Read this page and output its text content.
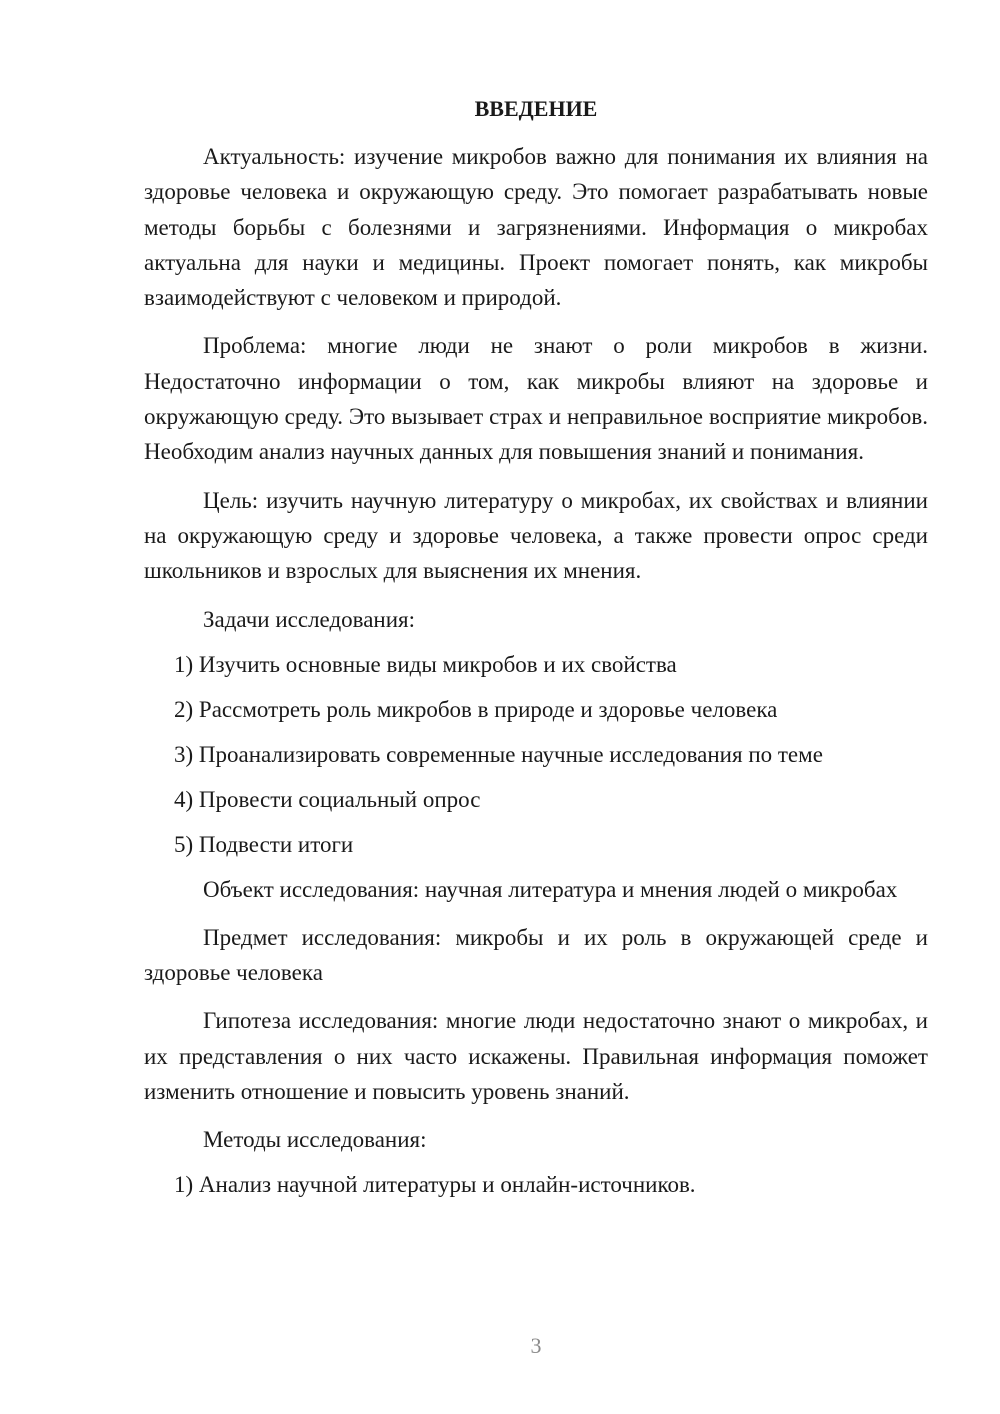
ВВЕДЕНИЕ

Актуальность: изучение микробов важно для понимания их влияния на здоровье человека и окружающую среду. Это помогает разрабатывать новые методы борьбы с болезнями и загрязнениями. Информация о микробах актуальна для науки и медицины. Проект помогает понять, как микробы взаимодействуют с человеком и природой.

Проблема: многие люди не знают о роли микробов в жизни. Недостаточно информации о том, как микробы влияют на здоровье и окружающую среду. Это вызывает страх и неправильное восприятие микробов. Необходим анализ научных данных для повышения знаний и понимания.

Цель: изучить научную литературу о микробах, их свойствах и влиянии на окружающую среду и здоровье человека, а также провести опрос среди школьников и взрослых для выяснения их мнения.

Задачи исследования:

1) Изучить основные виды микробов и их свойства

2) Рассмотреть роль микробов в природе и здоровье человека

3) Проанализировать современные научные исследования по теме

4) Провести социальный опрос

5) Подвести итоги

Объект исследования: научная литература и мнения людей о микробах

Предмет исследования: микробы и их роль в окружающей среде и здоровье человека

Гипотеза исследования: многие люди недостаточно знают о микробах, и их представления о них часто искажены. Правильная информация поможет изменить отношение и повысить уровень знаний.

Методы исследования:

1) Анализ научной литературы и онлайн-источников.

3
